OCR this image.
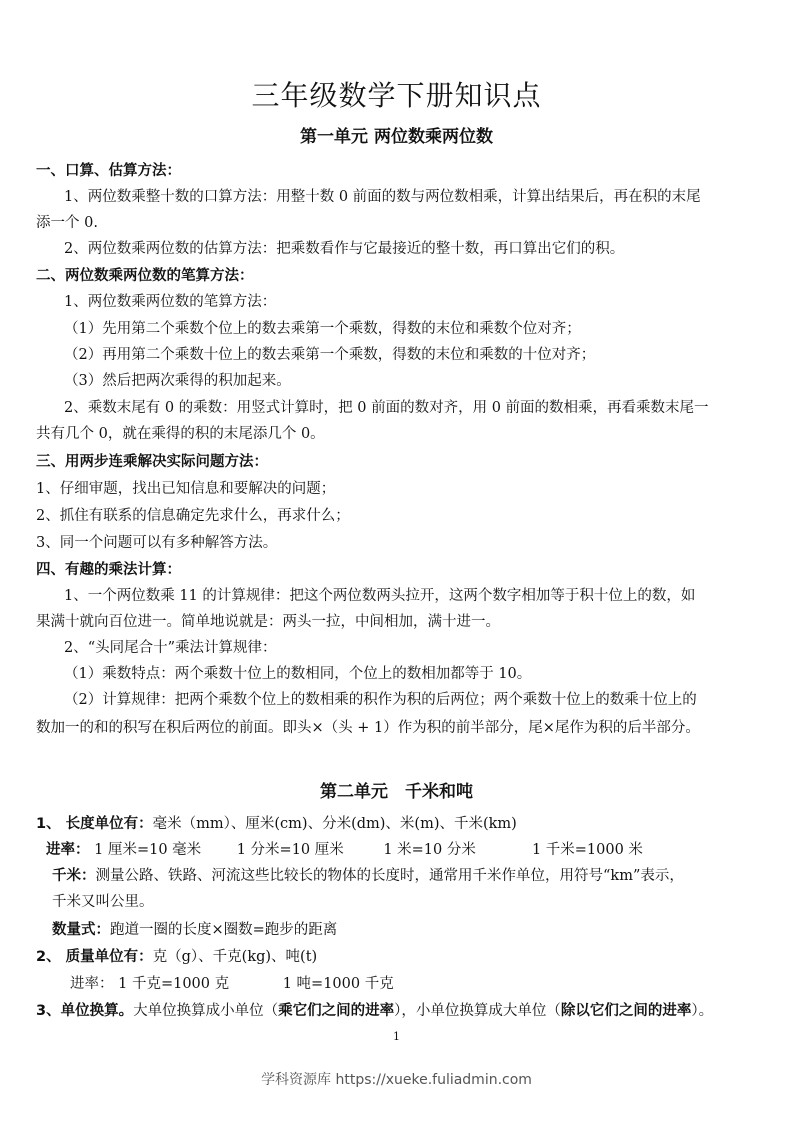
三年级数学下册知识点
第一单元 两位数乘两位数
一、口算、估算方法：
1、两位数乘整十数的口算方法：用整十数 0 前面的数与两位数相乘，计算出结果后，再在积的末尾
添一个 0.
2、两位数乘两位数的估算方法：把乘数看作与它最接近的整十数，再口算出它们的积。
二、两位数乘两位数的笔算方法：
1、两位数乘两位数的笔算方法：
（1）先用第二个乘数个位上的数去乘第一个乘数，得数的末位和乘数个位对齐；
（2）再用第二个乘数十位上的数去乘第一个乘数，得数的末位和乘数的十位对齐；
（3）然后把两次乘得的积加起来。
2、乘数末尾有 0 的乘数：用竖式计算时，把 0 前面的数对齐，用 0 前面的数相乘，再看乘数末尾一
共有几个 0，就在乘得的积的末尾添几个 0。
三、用两步连乘解决实际问题方法：
1、仔细审题，找出已知信息和要解决的问题；
2、抓住有联系的信息确定先求什么，再求什么；
3、同一个问题可以有多种解答方法。
四、有趣的乘法计算：
1、一个两位数乘 11 的计算规律：把这个两位数两头拉开，这两个数字相加等于积十位上的数，如
果满十就向百位进一。简单地说就是：两头一拉，中间相加，满十进一。
2、“头同尾合十”乘法计算规律：
（1）乘数特点：两个乘数十位上的数相同，个位上的数相加都等于 10。
（2）计算规律：把两个乘数个位上的数相乘的积作为积的后两位；两个乘数十位上的数乘十位上的
数加一的和的积写在积后两位的前面。即头×（头 + 1）作为积的前半部分，尾×尾作为积的后半部分。
第二单元　千米和吨
1、 长度单位有：毫米（mm）、厘米(cm)、分米(dm)、米(m)、千米(km)
进率： 1 厘米=10 毫米 1 分米=10 厘米	1 米=10 分米	1 千米=1000 米
千米：测量公路、铁路、河流这些比较长的物体的长度时，通常用千米作单位，用符号“km”表示，
千米又叫公里。
数量式：跑道一圈的长度×圈数=跑步的距离
2、 质量单位有：克（g）、千克(kg)、吨(t)
进率： 1 千克=1000 克	1 吨=1000 千克
3、单位换算。大单位换算成小单位（乘它们之间的进率），小单位换算成大单位（除以它们之间的进率）。
1
学科资源库 https://xueke.fuliadmin.com
